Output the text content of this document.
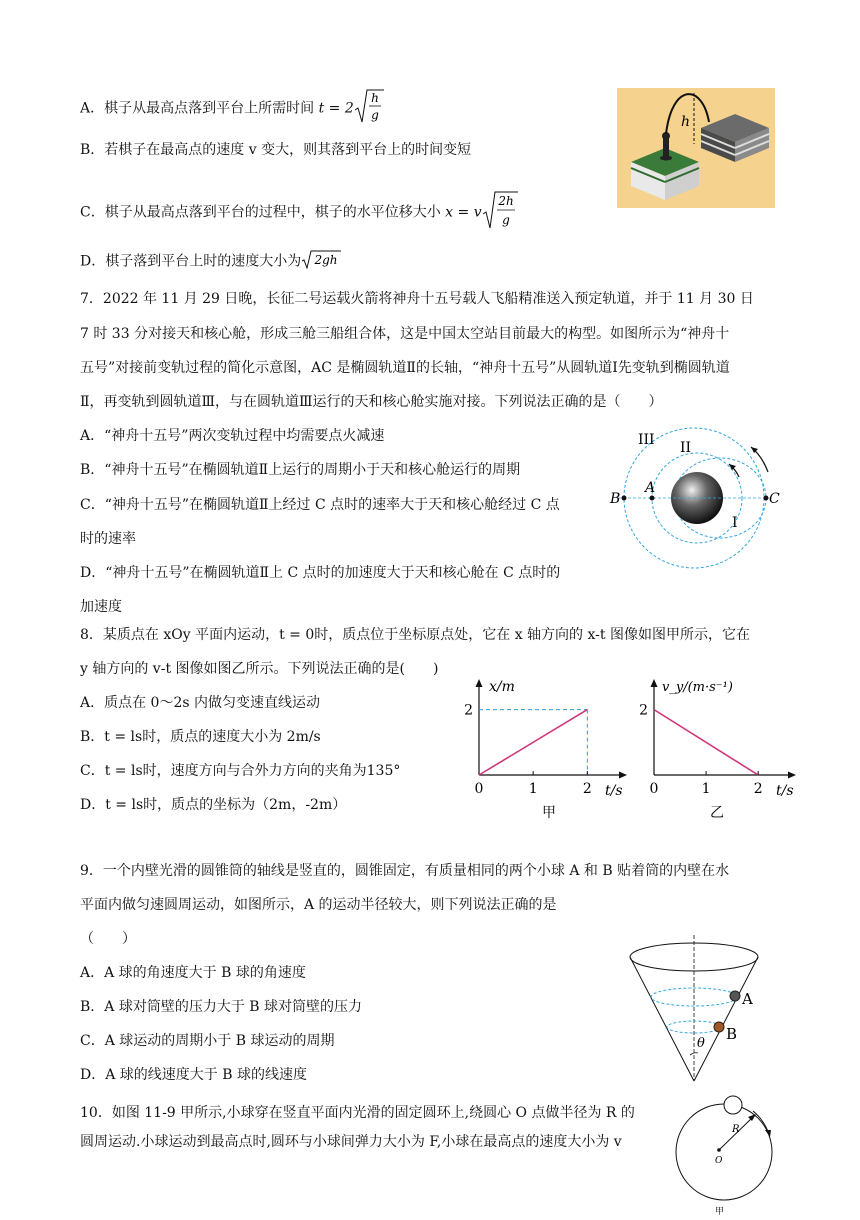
A．棋子从最高点落到平台上所需时间 t = 2
h
g
B．若棋子在最高点的速度 v 变大，则其落到平台上的时间变短
C．棋子从最高点落到平台的过程中，棋子的水平位移大小 x = v
2h
g
D．棋子落到平台上时的速度大小为 2gh
h
7．2022 年 11 月 29 日晚，长征二号运载火箭将神舟十五号载人飞船精准送入预定轨道，并于 11 月 30 日
7 时 33 分对接天和核心舱，形成三舱三船组合体，这是中国太空站目前最大的构型。如图所示为“神舟十
五号”对接前变轨过程的简化示意图，AC 是椭圆轨道Ⅱ的长轴，“神舟十五号”从圆轨道Ⅰ先变轨到椭圆轨道
Ⅱ，再变轨到圆轨道Ⅲ，与在圆轨道Ⅲ运行的天和核心舱实施对接。下列说法正确的是（　　）
A．“神舟十五号”两次变轨过程中均需要点火减速
B．“神舟十五号”在椭圆轨道Ⅱ上运行的周期小于天和核心舱运行的周期
C．“神舟十五号”在椭圆轨道Ⅱ上经过 C 点时的速率大于天和核心舱经过 C 点
时的速率
D．“神舟十五号”在椭圆轨道Ⅱ上 C 点时的加速度大于天和核心舱在 C 点时的
加速度
III II
I
A
B	C
8．某质点在 xOy 平面内运动，t = 0时，质点位于坐标原点处，它在 x 轴方向的 x-t 图像如图甲所示，它在
y 轴方向的 v-t 图像如图乙所示。下列说法正确的是(　　)
A．质点在 0～2s 内做匀变速直线运动
B．t = ls时，质点的速度大小为 2m/s
C．t = ls时，速度方向与合外力方向的夹角为135°
D．t = ls时，质点的坐标为（2m，-2m）
0	1	2
2
x/m
t/s
甲
0	1	2
2
v_y/(m·s⁻¹)
t/s
乙
9．一个内壁光滑的圆锥筒的轴线是竖直的，圆锥固定，有质量相同的两个小球 A 和 B 贴着筒的内壁在水
平面内做匀速圆周运动，如图所示，A 的运动半径较大，则下列说法正确的是
（　　）
A．A 球的角速度大于 B 球的角速度
B．A 球对筒壁的压力大于 B 球对筒壁的压力
C．A 球运动的周期小于 B 球运动的周期
D．A 球的线速度大于 B 球的线速度
A
B
θ
10．如图 11-9 甲所示,小球穿在竖直平面内光滑的固定圆环上,绕圆心 O 点做半径为 R 的
圆周运动.小球运动到最高点时,圆环与小球间弹力大小为 F,小球在最高点的速度大小为 v
R
O
甲
